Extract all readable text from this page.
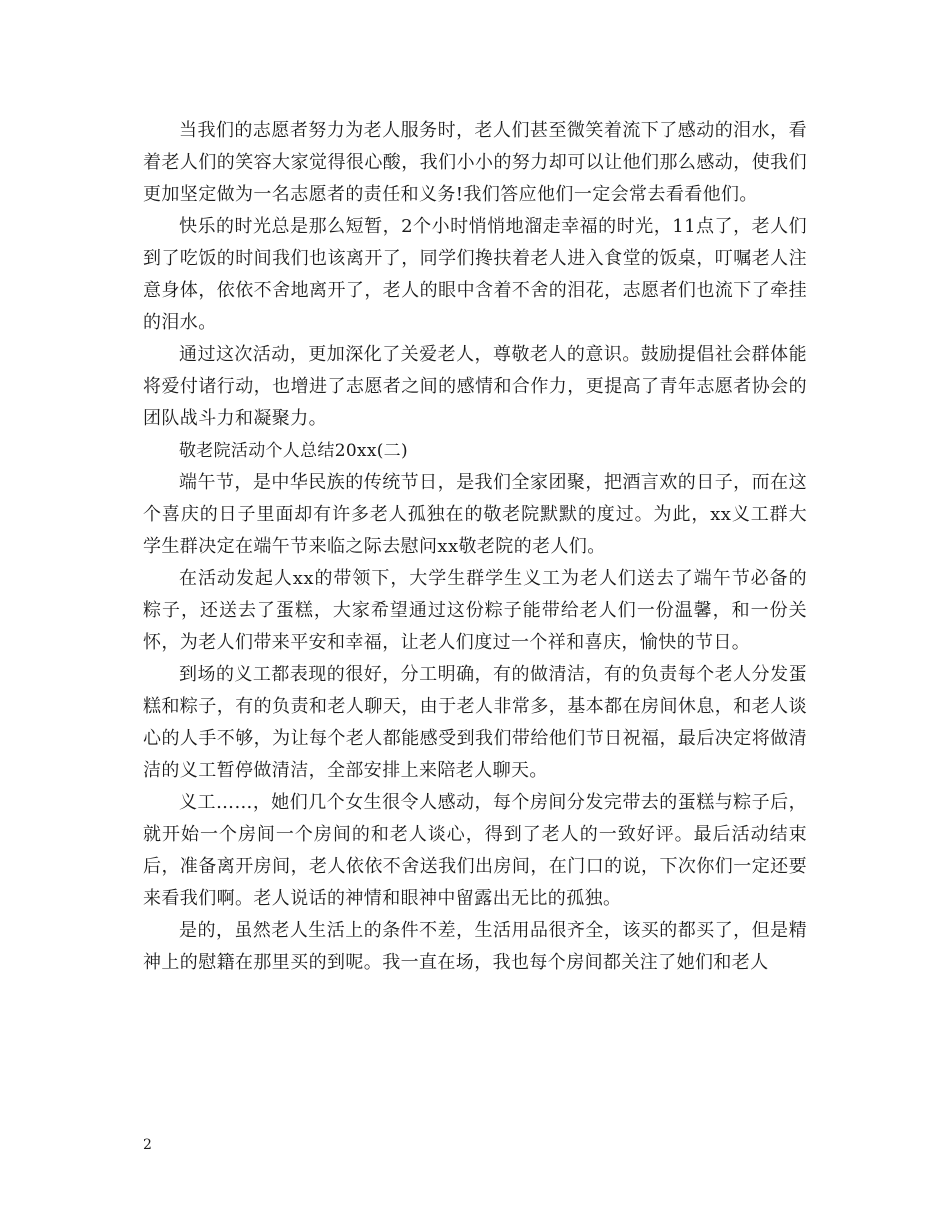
当我们的志愿者努力为老人服务时，老人们甚至微笑着流下了感动的泪水，看着老人们的笑容大家觉得很心酸，我们小小的努力却可以让他们那么感动，使我们更加坚定做为一名志愿者的责任和义务!我们答应他们一定会常去看看他们。

快乐的时光总是那么短暂，2个小时悄悄地溜走幸福的时光，11点了，老人们到了吃饭的时间我们也该离开了，同学们搀扶着老人进入食堂的饭桌，叮嘱老人注意身体，依依不舍地离开了，老人的眼中含着不舍的泪花，志愿者们也流下了牵挂的泪水。

通过这次活动，更加深化了关爱老人，尊敬老人的意识。鼓励提倡社会群体能将爱付诸行动，也增进了志愿者之间的感情和合作力，更提高了青年志愿者协会的团队战斗力和凝聚力。

敬老院活动个人总结20xx(二)

端午节，是中华民族的传统节日，是我们全家团聚，把酒言欢的日子，而在这个喜庆的日子里面却有许多老人孤独在的敬老院默默的度过。为此，xx义工群大学生群决定在端午节来临之际去慰问xx敬老院的老人们。

在活动发起人xx的带领下，大学生群学生义工为老人们送去了端午节必备的粽子，还送去了蛋糕，大家希望通过这份粽子能带给老人们一份温馨，和一份关怀，为老人们带来平安和幸福，让老人们度过一个祥和喜庆，愉快的节日。

到场的义工都表现的很好，分工明确，有的做清洁，有的负责每个老人分发蛋糕和粽子，有的负责和老人聊天，由于老人非常多，基本都在房间休息，和老人谈心的人手不够，为让每个老人都能感受到我们带给他们节日祝福，最后决定将做清洁的义工暂停做清洁，全部安排上来陪老人聊天。

义工……，她们几个女生很令人感动，每个房间分发完带去的蛋糕与粽子后，就开始一个房间一个房间的和老人谈心，得到了老人的一致好评。最后活动结束后，准备离开房间，老人依依不舍送我们出房间，在门口的说，下次你们一定还要来看我们啊。老人说话的神情和眼神中留露出无比的孤独。

是的，虽然老人生活上的条件不差，生活用品很齐全，该买的都买了，但是精神上的慰籍在那里买的到呢。我一直在场，我也每个房间都关注了她们和老人

2
